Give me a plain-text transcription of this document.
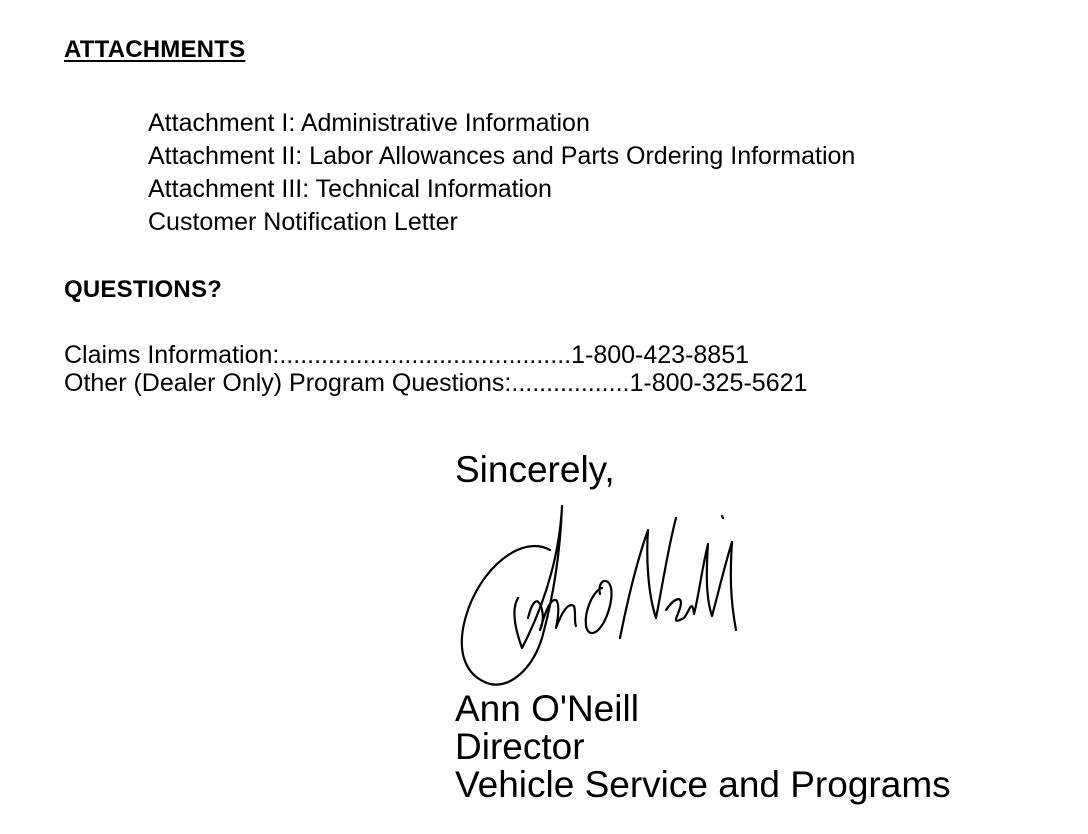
ATTACHMENTS
Attachment I: Administrative Information
Attachment II: Labor Allowances and Parts Ordering Information
Attachment III: Technical Information
Customer Notification Letter
QUESTIONS?
Claims Information:..........................................1-800-423-8851
Other (Dealer Only) Program Questions:.................1-800-325-5621
Sincerely,
Ann O'Neill
Director
Vehicle Service and Programs
